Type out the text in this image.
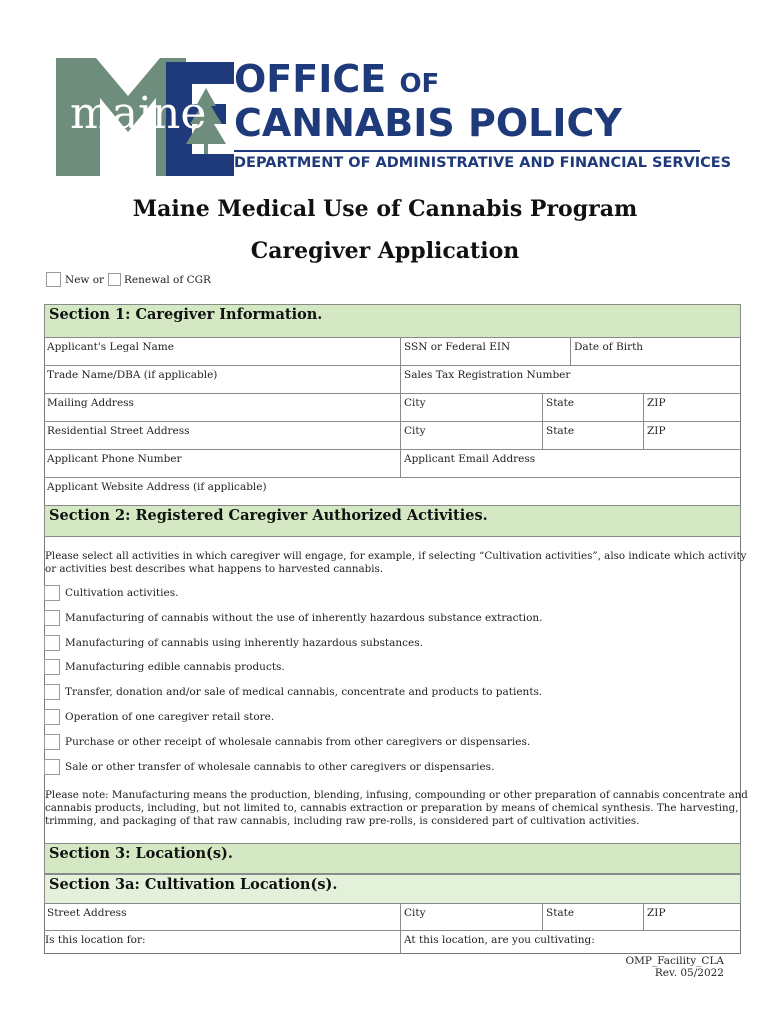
maine
OFFICE OF
CANNABIS POLICY
DEPARTMENT OF ADMINISTRATIVE AND FINANCIAL SERVICES
Maine Medical Use of Cannabis Program
Caregiver Application
New or Renewal of CGR
Section 1: Caregiver Information.
Applicant's Legal Name	SSN or Federal EIN	Date of Birth
Trade Name/DBA (if applicable)	Sales Tax Registration Number
Mailing Address	City	State	ZIP
Residential Street Address	City	State	ZIP
Applicant Phone Number	Applicant Email Address
Applicant Website Address (if applicable)
Section 2: Registered Caregiver Authorized Activities.
Please select all activities in which caregiver will engage, for example, if selecting “Cultivation activities”, also indicate which activity
or activities best describes what happens to harvested cannabis.
Cultivation activities.
Manufacturing of cannabis without the use of inherently hazardous substance extraction.
Manufacturing of cannabis using inherently hazardous substances.
Manufacturing edible cannabis products.
Transfer, donation and/or sale of medical cannabis, concentrate and products to patients.
Operation of one caregiver retail store.
Purchase or other receipt of wholesale cannabis from other caregivers or dispensaries.
Sale or other transfer of wholesale cannabis to other caregivers or dispensaries.
Please note: Manufacturing means the production, blending, infusing, compounding or other preparation of cannabis concentrate and
cannabis products, including, but not limited to, cannabis extraction or preparation by means of chemical synthesis. The harvesting,
trimming, and packaging of that raw cannabis, including raw pre-rolls, is considered part of cultivation activities.
Section 3: Location(s).
Section 3a: Cultivation Location(s).
Street Address	City	State	ZIP
Is this location for:	At this location, are you cultivating:
OMP_Facility_CLA
Rev. 05/2022
